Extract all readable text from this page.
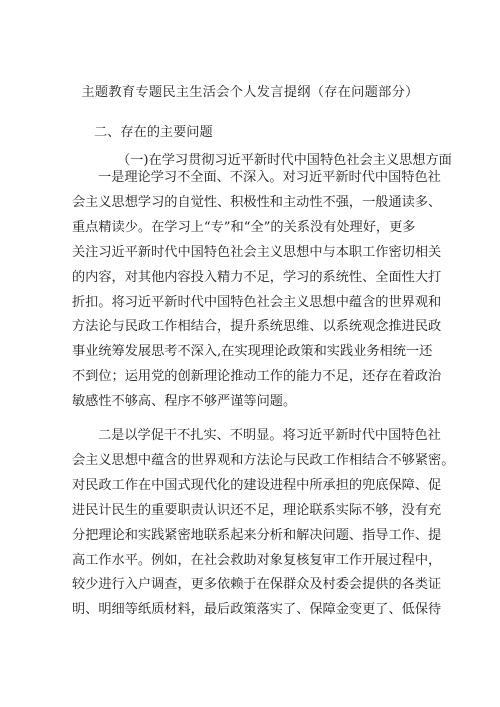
主题教育专题民主生活会个人发言提纲（存在问题部分）
二、存在的主要问题
（一)在学习贯彻习近平新时代中国特色社会主义思想方面

一是理论学习不全面、不深入。对习近平新时代中国特色社
会主义思想学习的自觉性、积极性和主动性不强，一般通读多、
重点精读少。在学习上“专”和“全”的关系没有处理好，更多
关注习近平新时代中国特色社会主义思想中与本职工作密切相关
的内容，对其他内容投入精力不足，学习的系统性、全面性大打
折扣。将习近平新时代中国特色社会主义思想中蕴含的世界观和
方法论与民政工作相结合，提升系统思维、以系统观念推进民政
事业统筹发展思考不深入,在实现理论政策和实践业务相统一还
不到位；运用党的创新理论推动工作的能力不足，还存在着政治
敏感性不够高、程序不够严谨等问题。

二是以学促干不扎实、不明显。将习近平新时代中国特色社
会主义思想中蕴含的世界观和方法论与民政工作相结合不够紧密。
对民政工作在中国式现代化的建设进程中所承担的兜底保障、促
进民计民生的重要职责认识还不足，理论联系实际不够，没有充
分把理论和实践紧密地联系起来分析和解决问题、指导工作、提
高工作水平。例如，在社会救助对象复核复审工作开展过程中，
较少进行入户调查，更多依赖于在保群众及村委会提供的各类证
明、明细等纸质材料，最后政策落实了、保障金变更了、低保待
